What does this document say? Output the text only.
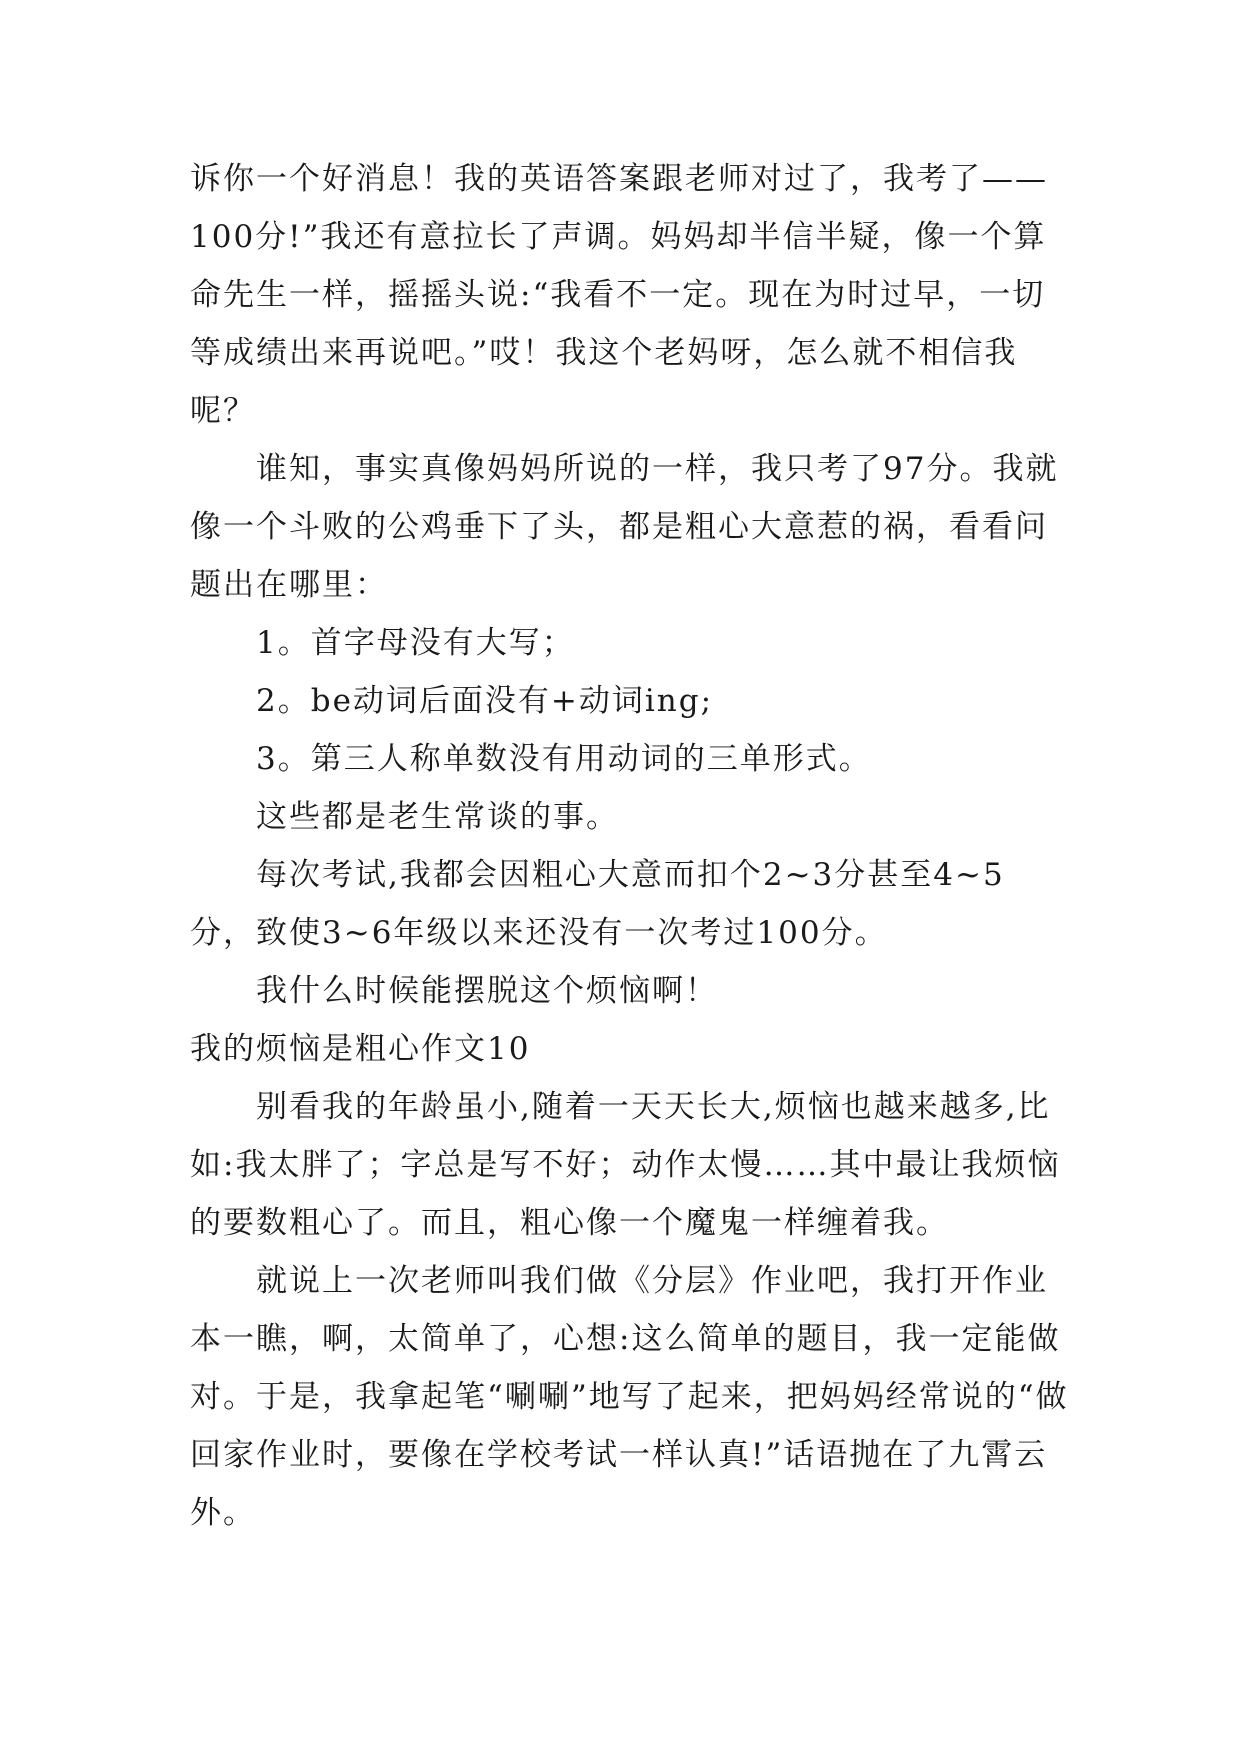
诉你一个好消息！我的英语答案跟老师对过了，我考了——100分!”我还有意拉长了声调。妈妈却半信半疑，像一个算命先生一样，摇摇头说:“我看不一定。现在为时过早，一切等成绩出来再说吧。”哎！我这个老妈呀，怎么就不相信我呢？

谁知，事实真像妈妈所说的一样，我只考了97分。我就像一个斗败的公鸡垂下了头，都是粗心大意惹的祸，看看问题出在哪里：

1。首字母没有大写；

2。be动词后面没有+动词ing;

3。第三人称单数没有用动词的三单形式。

这些都是老生常谈的事。

每次考试,我都会因粗心大意而扣个2~3分甚至4~5分，致使3~6年级以来还没有一次考过100分。

我什么时候能摆脱这个烦恼啊！

我的烦恼是粗心作文10

别看我的年龄虽小,随着一天天长大,烦恼也越来越多,比如:我太胖了；字总是写不好；动作太慢……其中最让我烦恼的要数粗心了。而且，粗心像一个魔鬼一样缠着我。

就说上一次老师叫我们做《分层》作业吧，我打开作业本一瞧，啊，太简单了，心想:这么简单的题目，我一定能做对。于是，我拿起笔“唰唰”地写了起来，把妈妈经常说的“做回家作业时，要像在学校考试一样认真!”话语抛在了九霄云外。
